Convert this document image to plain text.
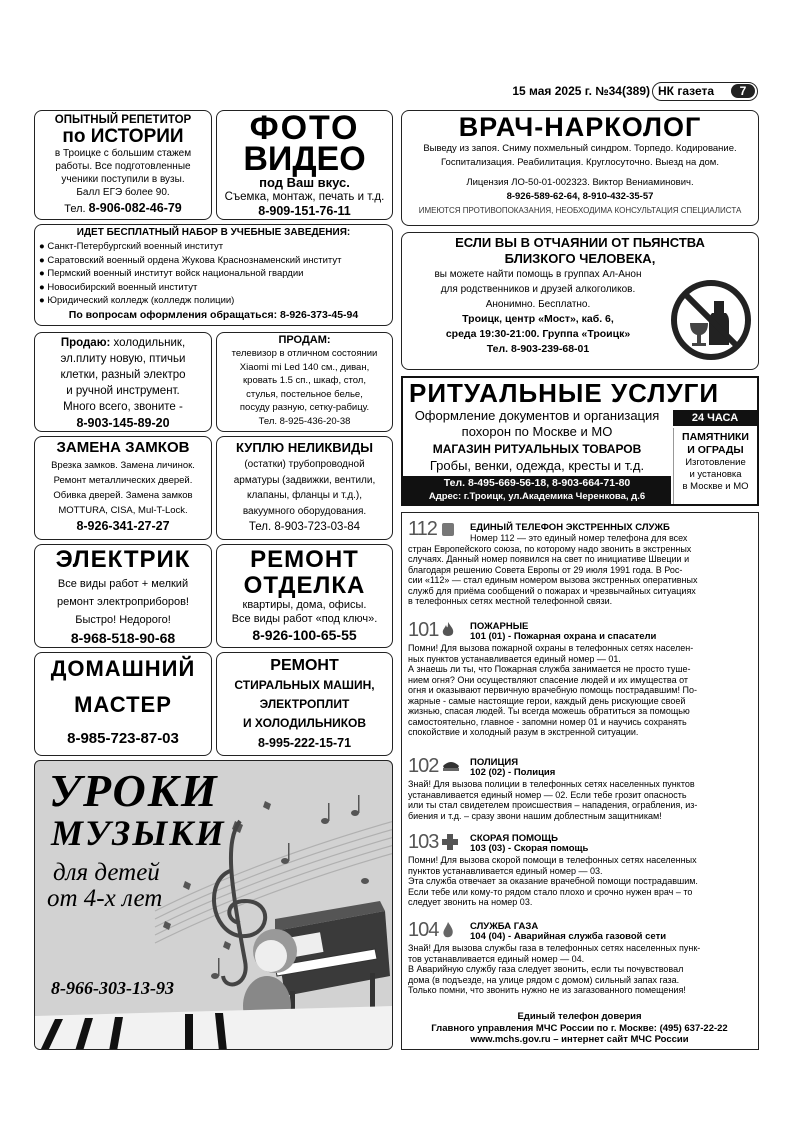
15 мая 2025 г. №34(389) НК газета	7
ОПЫТНЫЙ РЕПЕТИТОР
по ИСТОРИИ
в Троицке с большим стажем
работы. Все подготовленные
ученики поступили в вузы.
Балл ЕГЭ более 90.
Тел. 8-906-082-46-79
ФОТО
ВИДЕО
под Ваш вкус.
Съемка, монтаж, печать и т.д.
8-909-151-76-11
ВРАЧ-НАРКОЛОГ
Выведу из запоя. Сниму похмельный синдром. Торпедо. Кодирование.
Госпитализация. Реабилитация. Круглосуточно. Выезд на дом.
Лицензия ЛО-50-01-002323. Виктор Вениаминович.
8-926-589-62-64, 8-910-432-35-57
ИМЕЮТСЯ ПРОТИВОПОКАЗАНИЯ, НЕОБХОДИМА КОНСУЛЬТАЦИЯ СПЕЦИАЛИСТА
ИДЕТ БЕСПЛАТНЫЙ НАБОР В УЧЕБНЫЕ ЗАВЕДЕНИЯ:
● Санкт-Петербургский военный институт
● Саратовский военный ордена Жукова Краснознаменский институт
● Пермский военный институт войск национальной гвардии
● Новосибирский военный институт
● Юридический колледж (колледж полиции)
По вопросам оформления обращаться: 8-926-373-45-94
ЕСЛИ ВЫ В ОТЧАЯНИИ ОТ ПЬЯНСТВА
БЛИЗКОГО ЧЕЛОВЕКА,
вы можете найти помощь в группах Ал-Анон
для родственников и друзей алкоголиков.
Анонимно. Бесплатно.
Троицк, центр «Мост», каб. 6,
среда 19:30-21:00. Группа «Троицк»
Тел. 8-903-239-68-01
Продаю: холодильник,
эл.плиту новую, птичьи
клетки, разный электро
и ручной инструмент.
Много всего, звоните -
8-903-145-89-20
ПРОДАМ:
телевизор в отличном состоянии
Xiaomi mi Led 140 см., диван,
кровать 1.5 сп., шкаф, стол,
стулья, постельное белье,
посуду разную, сетку-рабицу.
Тел. 8-925-436-20-38
РИТУАЛЬНЫЕ УСЛУГИ
Оформление документов и организация
похорон по Москве и МО
24 ЧАСА
МАГАЗИН РИТУАЛЬНЫХ ТОВАРОВ
Гробы, венки, одежда, кресты и т.д.
ПАМЯТНИКИ
И ОГРАДЫ
Изготовление
и установка
в Москве и МО
Тел. 8-495-669-56-18, 8-903-664-71-80
Адрес: г.Троицк, ул.Академика Черенкова, д.6
ЗАМЕНА ЗАМКОВ
Врезка замков. Замена личинок.
Ремонт металлических дверей.
Обивка дверей. Замена замков
MOTTURA, CISA, Mul-T-Lock.
8-926-341-27-27
КУПЛЮ НЕЛИКВИДЫ
(остатки) трубопроводной
арматуры (задвижки, вентили,
клапаны, фланцы и т.д.),
вакуумного оборудования.
Тел. 8-903-723-03-84
ЭЛЕКТРИК
Все виды работ + мелкий
ремонт электроприборов!
Быстро! Недорого!
8-968-518-90-68
РЕМОНТ
ОТДЕЛКА
квартиры, дома, офисы.
Все виды работ «под ключ».
8-926-100-65-55
ДОМАШНИЙ
МАСТЕР
8-985-723-87-03
РЕМОНТ
СТИРАЛЬНЫХ МАШИН,
ЭЛЕКТРОПЛИТ
И ХОЛОДИЛЬНИКОВ
8-995-222-15-71
УРОКИ
МУЗЫКИ
для детей
от 4-х лет
8-966-303-13-93
112	ЕДИНЫЙ ТЕЛЕФОН ЭКСТРЕННЫХ СЛУЖБ
Номер 112 — это единый номер телефона для всех
стран Европейского союза, по которому надо звонить в экстренных
случаях. Данный номер появился на свет по инициативе Швеции и
благодаря решению Совета Европы от 29 июля 1991 года. В Рос-
сии «112» — стал единым номером вызова экстренных оперативных
служб для приёма сообщений о пожарах и чрезвычайных ситуациях
в телефонных сетях местной телефонной связи.
101	ПОЖАРНЫЕ
101 (01) - Пожарная охрана и спасатели
Помни! Для вызова пожарной охраны в телефонных сетях населен-
ных пунктов устанавливается единый номер — 01.
А знаешь ли ты, что Пожарная служба занимается не просто туше-
нием огня? Они осуществляют спасение людей и их имущества от
огня и оказывают первичную врачебную помощь пострадавшим! По-
жарные - самые настоящие герои, каждый день рискующие своей
жизнью, спасая людей. Ты всегда можешь обратиться за помощью
самостоятельно, главное - запомни номер 01 и научись сохранять
спокойствие и холодный разум в экстренной ситуации.
102	ПОЛИЦИЯ
102 (02) - Полиция
Знай! Для вызова полиции в телефонных сетях населенных пунктов
устанавливается единый номер — 02. Если тебе грозит опасность
или ты стал свидетелем происшествия – нападения, ограбления, из-
биения и т.д. – сразу звони нашим доблестным защитникам!
103	СКОРАЯ ПОМОЩЬ
103 (03) - Скорая помощь
Помни! Для вызова скорой помощи в телефонных сетях населенных
пунктов устанавливается единый номер — 03.
Эта служба отвечает за оказание врачебной помощи пострадавшим.
Если тебе или кому-то рядом стало плохо и срочно нужен врач – то
следует звонить на номер 03.
104	СЛУЖБА ГАЗА
104 (04) - Аварийная служба газовой сети
Знай! Для вызова службы газа в телефонных сетях населенных пунк-
тов устанавливается единый номер — 04.
В Аварийную службу газа следует звонить, если ты почувствовал
дома (в подъезде, на улице рядом с домом) сильный запах газа.
Только помни, что звонить нужно не из загазованного помещения!
Единый телефон доверия
Главного управления МЧС России по г. Москве: (495) 637-22-22
www.mchs.gov.ru – интернет сайт МЧС России
